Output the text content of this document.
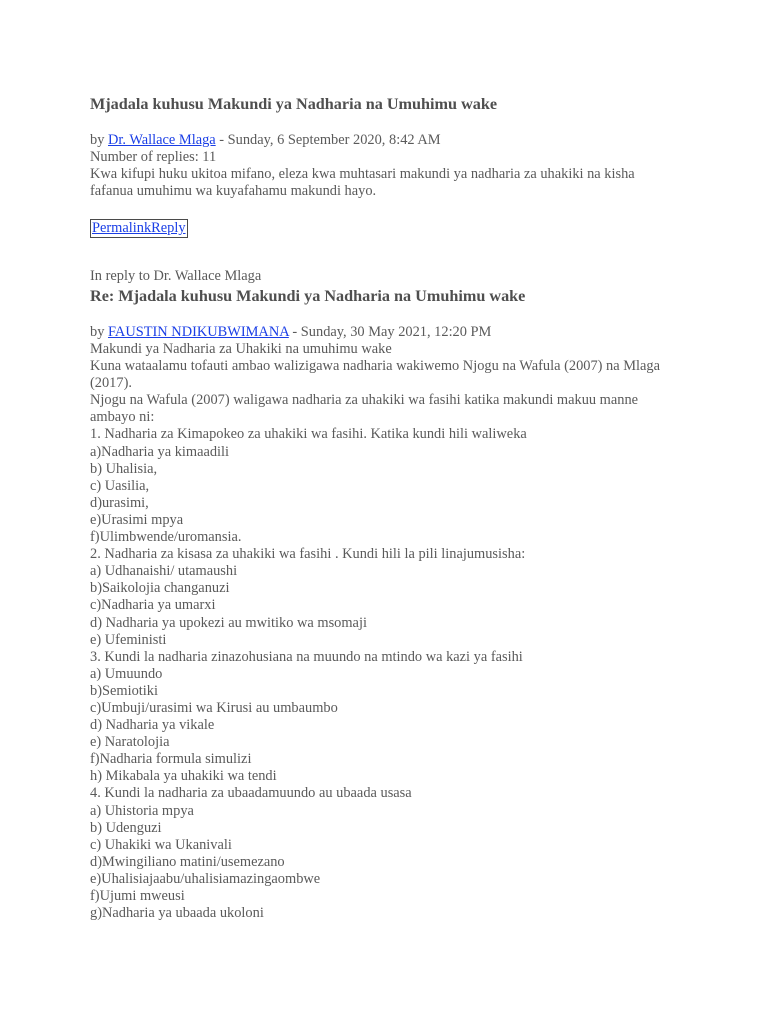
Mjadala kuhusu Makundi ya Nadharia na Umuhimu wake
by Dr. Wallace Mlaga - Sunday, 6 September 2020, 8:42 AM
Number of replies: 11
Kwa kifupi huku ukitoa mifano, eleza kwa muhtasari makundi ya nadharia za uhakiki na kisha fafanua umuhimu wa kuyafahamu makundi hayo.
PermalinkReply
In reply to Dr. Wallace Mlaga
Re: Mjadala kuhusu Makundi ya Nadharia na Umuhimu wake
by FAUSTIN NDIKUBWIMANA - Sunday, 30 May 2021, 12:20 PM
Makundi ya Nadharia za Uhakiki na umuhimu wake
Kuna wataalamu tofauti ambao walizigawa nadharia wakiwemo Njogu na Wafula (2007) na Mlaga (2017).
Njogu na Wafula (2007) waligawa nadharia za uhakiki wa fasihi katika makundi makuu manne ambayo ni:
1. Nadharia za Kimapokeo za uhakiki wa fasihi. Katika kundi hili waliweka
a)Nadharia ya kimaadili
b) Uhalisia,
c) Uasilia,
d)urasimi,
e)Urasimi mpya
f)Ulimbwende/uromansia.
2. Nadharia za kisasa za uhakiki wa fasihi . Kundi hili la pili linajumusisha:
a) Udhanaishi/ utamaushi
b)Saikolojia changanuzi
c)Nadharia ya umarxi
d) Nadharia ya upokezi au mwitiko wa msomaji
e) Ufeministi
3. Kundi la nadharia zinazohusiana na muundo na mtindo wa kazi ya fasihi
a) Umuundo
b)Semiotiki
c)Umbuji/urasimi wa Kirusi au umbaumbo
d) Nadharia ya vikale
e) Naratolojia
f)Nadharia formula simulizi
h) Mikabala ya uhakiki wa tendi
4. Kundi la nadharia za ubaadamuundo au ubaada usasa
a) Uhistoria mpya
b) Udenguzi
c) Uhakiki wa Ukanivali
d)Mwingiliano matini/usemezano
e)Uhalisiajaabu/uhalisiamazingaombwe
f)Ujumi mweusi
g)Nadharia ya ubaada ukoloni
